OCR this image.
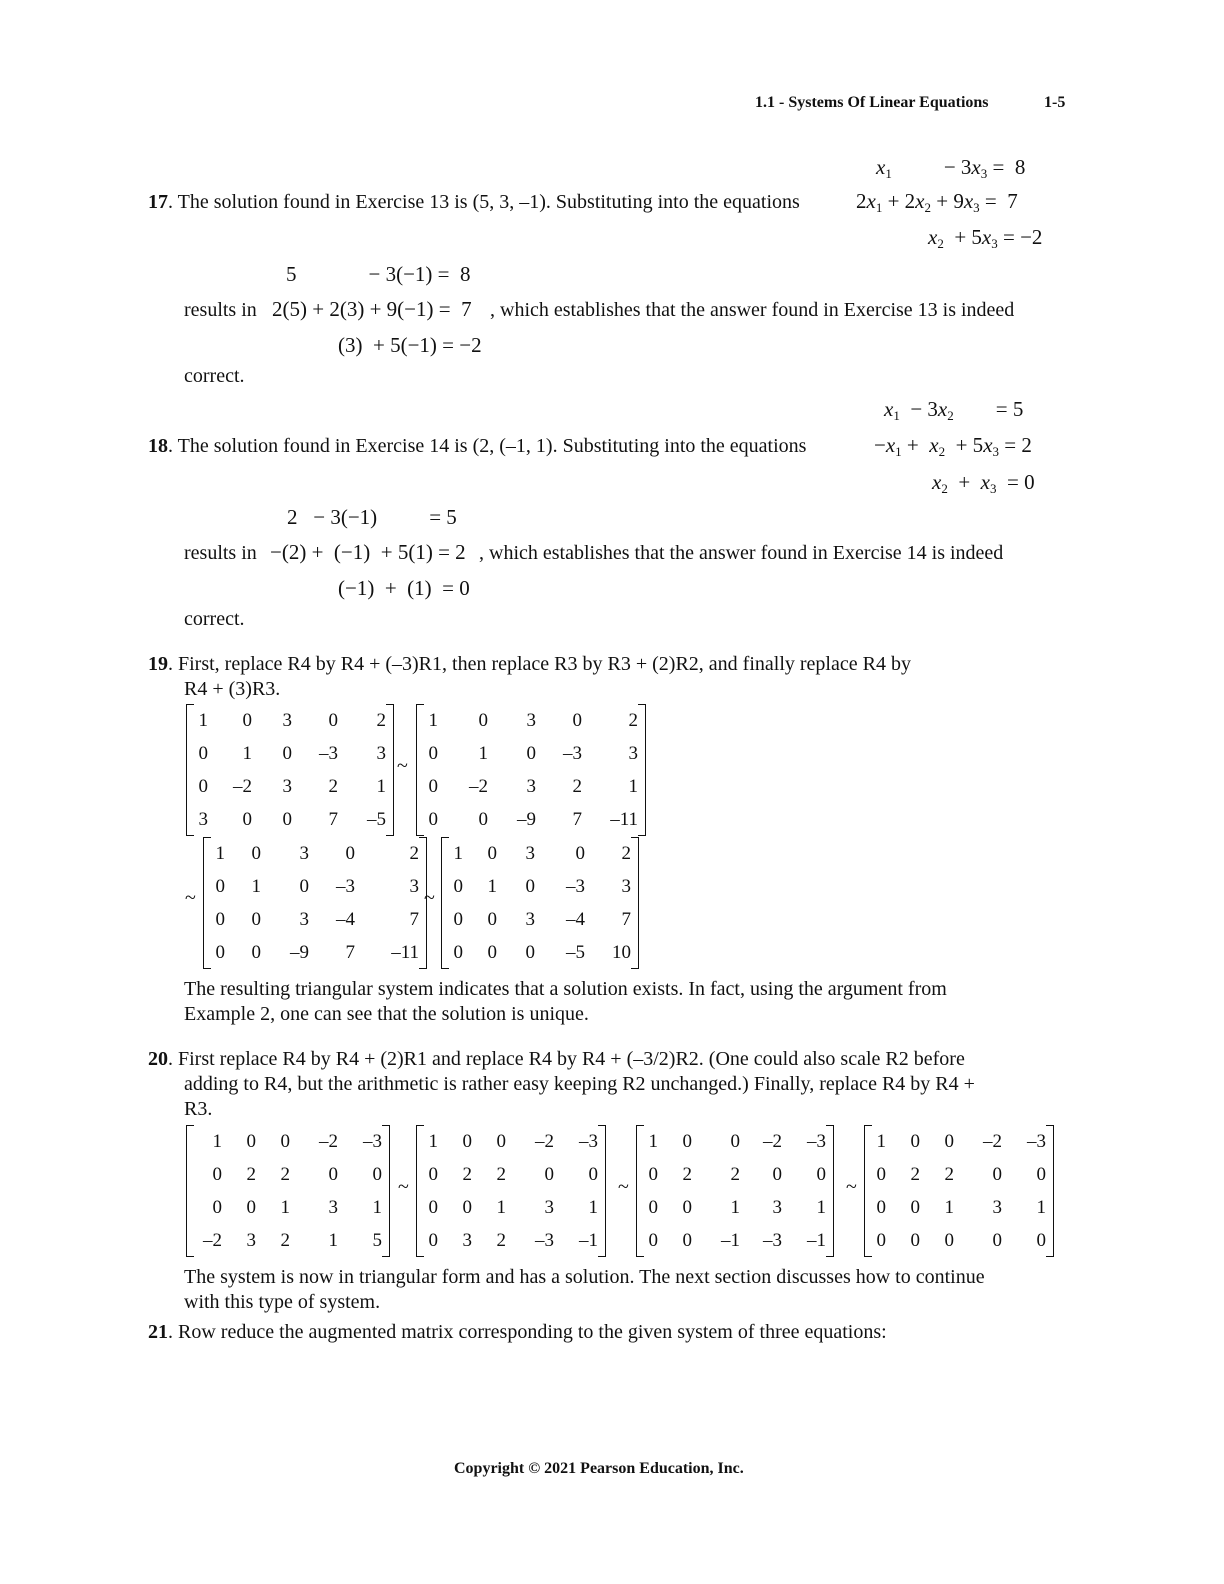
1.1 - Systems Of Linear Equations	1-5
$x_1 - 3x_3 = 8$
17. The solution found in Exercise 13 is (5, 3, –1). Substituting into the equations	$2x_1 + 2x_2 + 9x_3 = 7$
$x_2 + 5x_3 = -2$
5	− 3(−1) =  8
results in 2(5) + 2(3) + 9(−1) =  7 , which establishes that the answer found in Exercise 13 is indeed
(3)  + 5(−1) = −2
correct.
$x_1 - 3x_2 = 5$
18. The solution found in Exercise 14 is (2, (–1, 1). Substituting into the equations	$-x_1 + x_2 + 5x_3 = 2$
$x_2 + x_3 = 0$
2   − 3(−1) = 5
results in −(2) +  (−1)  + 5(1) = 2 , which establishes that the answer found in Exercise 14 is indeed
(−1)  +  (1)  = 0
correct.
19. First, replace R4 by R4 + (–3)R1, then replace R3 by R3 + (2)R2, and finally replace R4 by
R4 + (3)R3.
The resulting triangular system indicates that a solution exists. In fact, using the argument from
Example 2, one can see that the solution is unique.
20. First replace R4 by R4 + (2)R1 and replace R4 by R4 + (–3/2)R2. (One could also scale R2 before
adding to R4, but the arithmetic is rather easy keeping R2 unchanged.) Finally, replace R4 by R4 +
R3.
The system is now in triangular form and has a solution. The next section discusses how to continue
with this type of system.
21. Row reduce the augmented matrix corresponding to the given system of three equations:
Copyright © 2021 Pearson Education, Inc.
1	0	3	0	2
0	1	0	–3	3
0	–2	3	2	1
3	0	0	7	–5
~
1	0	3	0	2
0	1	0	–3	3
0	–2	3	2	1
0	0	–9	7	–11
1	0	3	0	2
0	1	0	–3	3
0	0	3	–4	7
0	0	–9	7	–11
~	~
1	0	3	0	2
0	1	0	–3	3
0	0	3	–4	7
0	0	0	–5	10
1	0	0	–2	–3
0	2	2	0	0
0	0	1	3	1
–2	3	2	1	5
~
1	0	0	–2	–3
0	2	2	0	0
0	0	1	3	1
0	3	2	–3	–1
~
1	0	0	–2	–3
0	2	2	0	0
0	0	1	3	1
0	0	–1	–3	–1
~
1	0	0	–2	–3
0	2	2	0	0
0	0	1	3	1
0	0	0	0	0
